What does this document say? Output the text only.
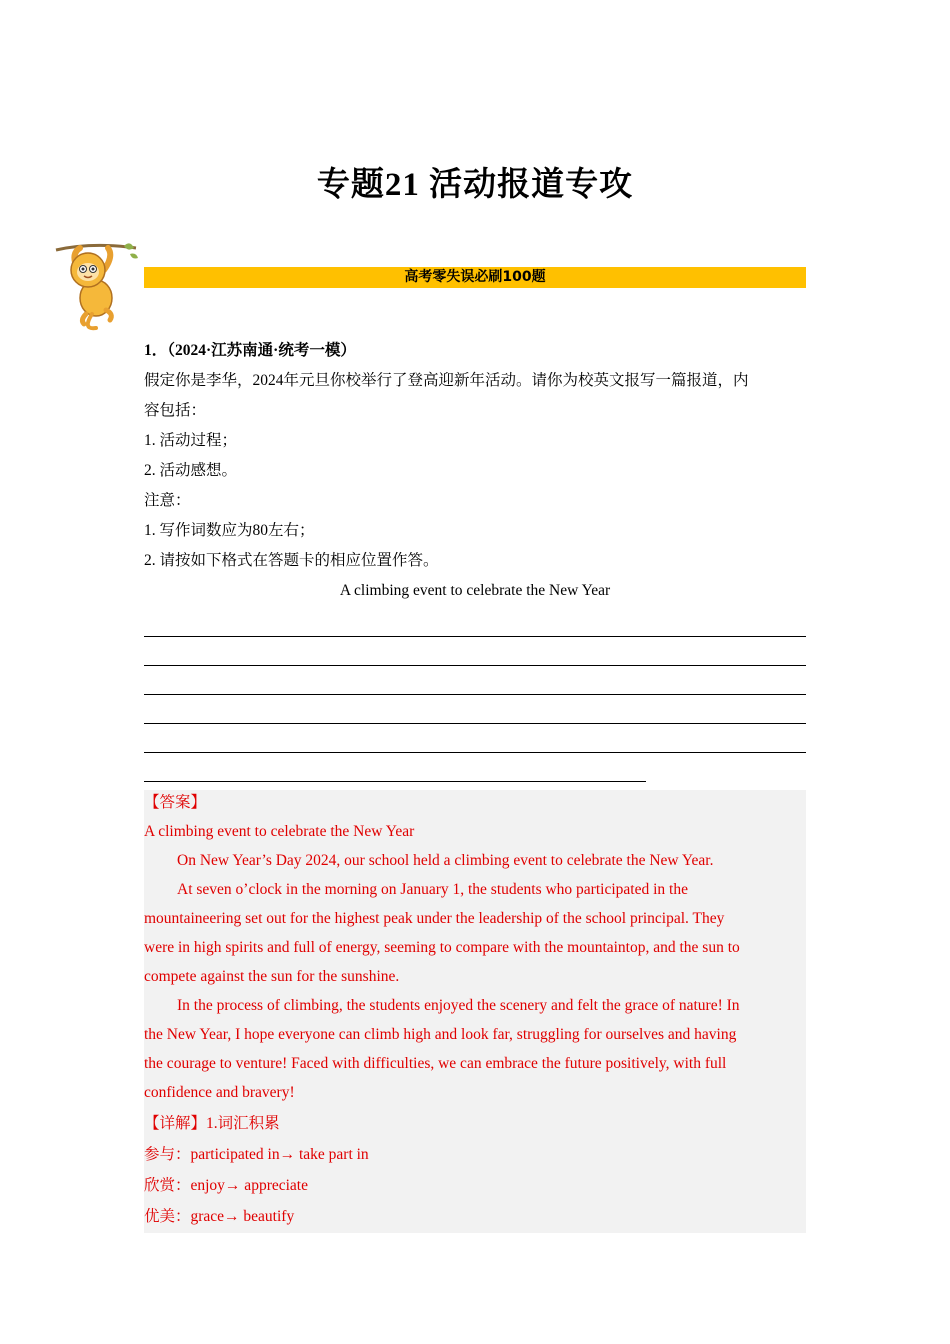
专题21 活动报道专攻
高考零失误必刷100题
1．（2024·江苏南通·统考一模）
假定你是李华，2024年元旦你校举行了登高迎新年活动。请你为校英文报写一篇报道，内
容包括：
1. 活动过程；
2. 活动感想。
注意：
1. 写作词数应为80左右；
2. 请按如下格式在答题卡的相应位置作答。
A climbing event to celebrate the New Year
【答案】
A climbing event to celebrate the New Year
On New Year’s Day 2024, our school held a climbing event to celebrate the New Year.
At seven o’clock in the morning on January 1, the students who participated in the
mountaineering set out for the highest peak under the leadership of the school principal. They
were in high spirits and full of energy, seeming to compare with the mountaintop, and the sun to
compete against the sun for the sunshine.
In the process of climbing, the students enjoyed the scenery and felt the grace of nature! In
the New Year, I hope everyone can climb high and look far, struggling for ourselves and having
the courage to venture! Faced with difficulties, we can embrace the future positively, with full
confidence and bravery!
【详解】1.词汇积累
参与：participated in→ take part in
欣赏：enjoy→ appreciate
优美：grace→ beautify
